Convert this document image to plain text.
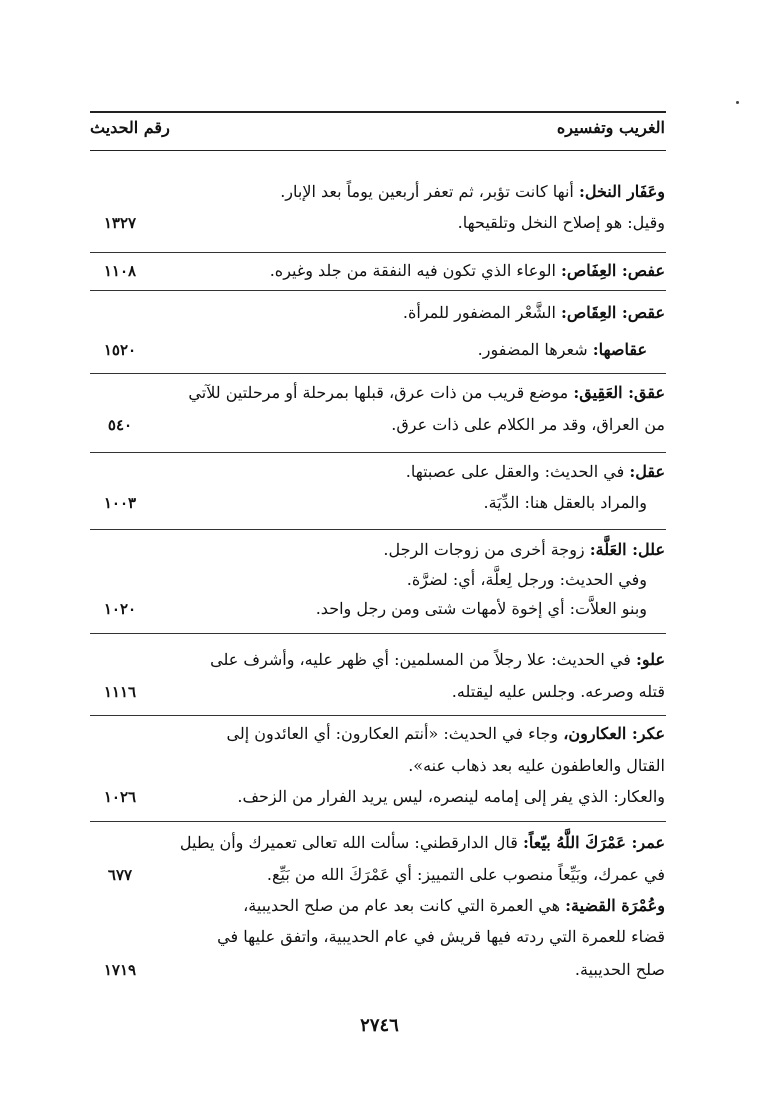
الغريب وتفسيره
رقم الحديث
وعَفَار النخل: أنها كانت تؤبر، ثم تعفر أربعين يوماً بعد الإبار.
وقيل: هو إصلاح النخل وتلقيحها.
١٣٢٧
عفص: العِفَاص: الوعاء الذي تكون فيه النفقة من جلد وغيره.
١١٠٨
عقص: العِقَاص: الشَّعْر المضفور للمرأة.
عقاصها: شعرها المضفور.
١٥٢٠
عقق: العَقِيق: موضع قريب من ذات عرق، قبلها بمرحلة أو مرحلتين للآتي
من العراق، وقد مر الكلام على ذات عرق.
٥٤٠
عقل: في الحديث: والعقل على عصبتها.
والمراد بالعقل هنا: الدِّيَة.
١٠٠٣
علل: العَلَّة: زوجة أخرى من زوجات الرجل.
وفي الحديث: ورجل لِعلَّة، أي: لضرَّة.
وبنو العلاَّت: أي إخوة لأمهات شتى ومن رجل واحد.
١٠٢٠
علو: في الحديث: علا رجلاً من المسلمين: أي ظهر عليه، وأشرف على
قتله وصرعه. وجلس عليه ليقتله.
١١١٦
عكر: العكارون، وجاء في الحديث: «أنتم العكارون: أي العائدون إلى
القتال والعاطفون عليه بعد ذهاب عنه».
والعكار: الذي يفر إلى إمامه لينصره، ليس يريد الفرار من الزحف.
١٠٢٦
عمر: عَمْرَكَ اللَّهُ بيّعاً: قال الدارقطني: سألت الله تعالى تعميرك وأن يطيل
في عمرك، وبَيِّعاً منصوب على التمييز: أي عَمْرَكَ الله من بَيِّع.
٦٧٧
وعُمْرَة القضية: هي العمرة التي كانت بعد عام من صلح الحديبية،
قضاء للعمرة التي ردته فيها قريش في عام الحديبية، واتفق عليها في
صلح الحديبية.
١٧١٩
٢٧٤٦
